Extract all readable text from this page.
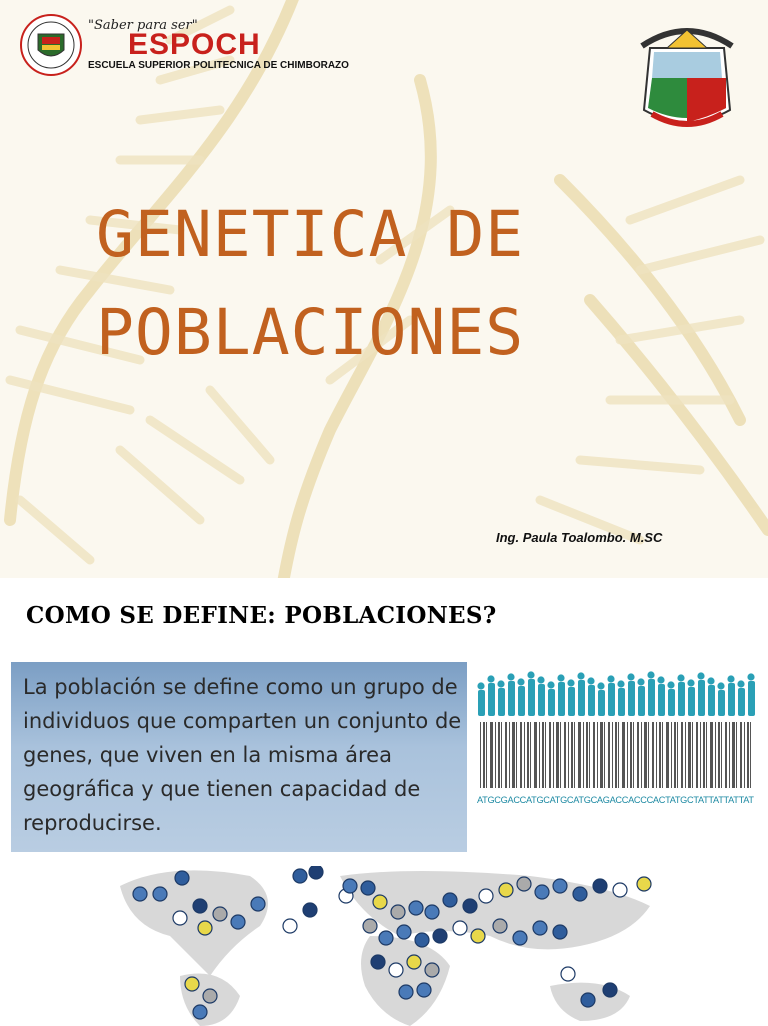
"Saber para ser"
ESPOCH
ESCUELA SUPERIOR POLITECNICA DE CHIMBORAZO
GENETICA DE
POBLACIONES
Ing. Paula Toalombo. M.SC
COMO SE DEFINE: POBLACIONES?
La población se define como un grupo de individuos que comparten un conjunto de genes, que viven en la misma área geográfica y que tienen capacidad de reproducirse.
ATGCGACCATGCATGCATGCAGACCACCCACTATGCTATTATTATTAT
